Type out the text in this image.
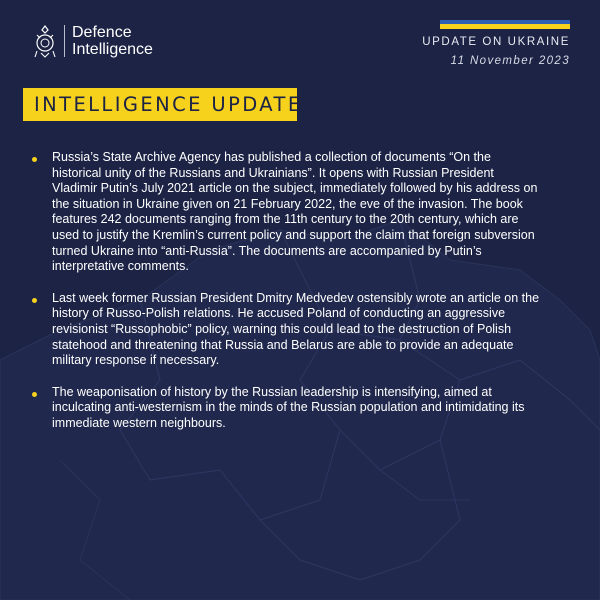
Defence
Intelligence	UPDATE ON UKRAINE
11 November 2023
INTELLIGENCE UPDATE
Russia’s State Archive Agency has published a collection of documents “On the historical unity of the Russians and Ukrainians”. It opens with Russian President Vladimir Putin’s July 2021 article on the subject, immediately followed by his address on the situation in Ukraine given on 21 February 2022, the eve of the invasion. The book features 242 documents ranging from the 11th century to the 20th century, which are used to justify the Kremlin’s current policy and support the claim that foreign subversion turned Ukraine into “anti-Russia”. The documents are accompanied by Putin’s interpretative comments.
Last week former Russian President Dmitry Medvedev ostensibly wrote an article on the history of Russo-Polish relations. He accused Poland of conducting an aggressive revisionist “Russophobic” policy, warning this could lead to the destruction of Polish statehood and threatening that Russia and Belarus are able to provide an adequate military response if necessary.
The weaponisation of history by the Russian leadership is intensifying, aimed at inculcating anti-westernism in the minds of the Russian population and intimidating its immediate western neighbours.
